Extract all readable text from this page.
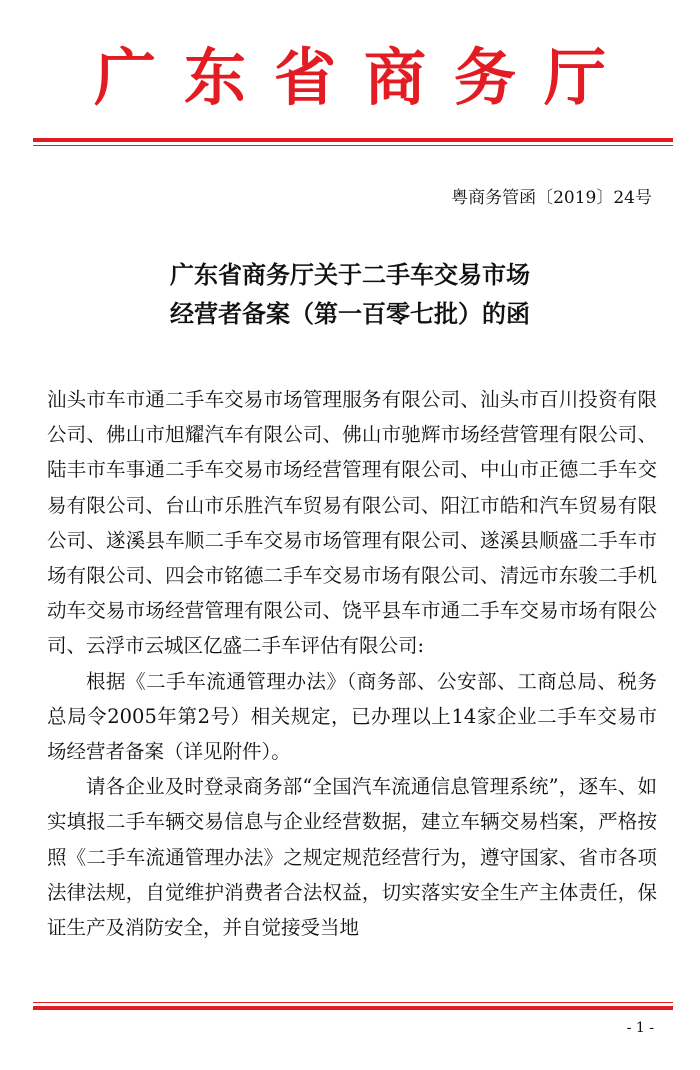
广东省商务厅
粤商务管函〔2019〕24号
广东省商务厅关于二手车交易市场
经营者备案（第一百零七批）的函

汕头市车市通二手车交易市场管理服务有限公司、汕头市百川投资有限公司、佛山市旭耀汽车有限公司、佛山市驰辉市场经营管理有限公司、陆丰市车事通二手车交易市场经营管理有限公司、中山市正德二手车交易有限公司、台山市乐胜汽车贸易有限公司、阳江市皓和汽车贸易有限公司、遂溪县车顺二手车交易市场管理有限公司、遂溪县顺盛二手车市场有限公司、四会市铭德二手车交易市场有限公司、清远市东骏二手机动车交易市场经营管理有限公司、饶平县车市通二手车交易市场有限公司、云浮市云城区亿盛二手车评估有限公司:

根据《二手车流通管理办法》（商务部、公安部、工商总局、税务总局令2005年第2号）相关规定，已办理以上14家企业二手车交易市场经营者备案（详见附件）。

请各企业及时登录商务部“全国汽车流通信息管理系统”，逐车、如实填报二手车辆交易信息与企业经营数据，建立车辆交易档案，严格按照《二手车流通管理办法》之规定规范经营行为，遵守国家、省市各项法律法规，自觉维护消费者合法权益，切实落实安全生产主体责任，保证生产及消防安全，并自觉接受当地

- 1 -
